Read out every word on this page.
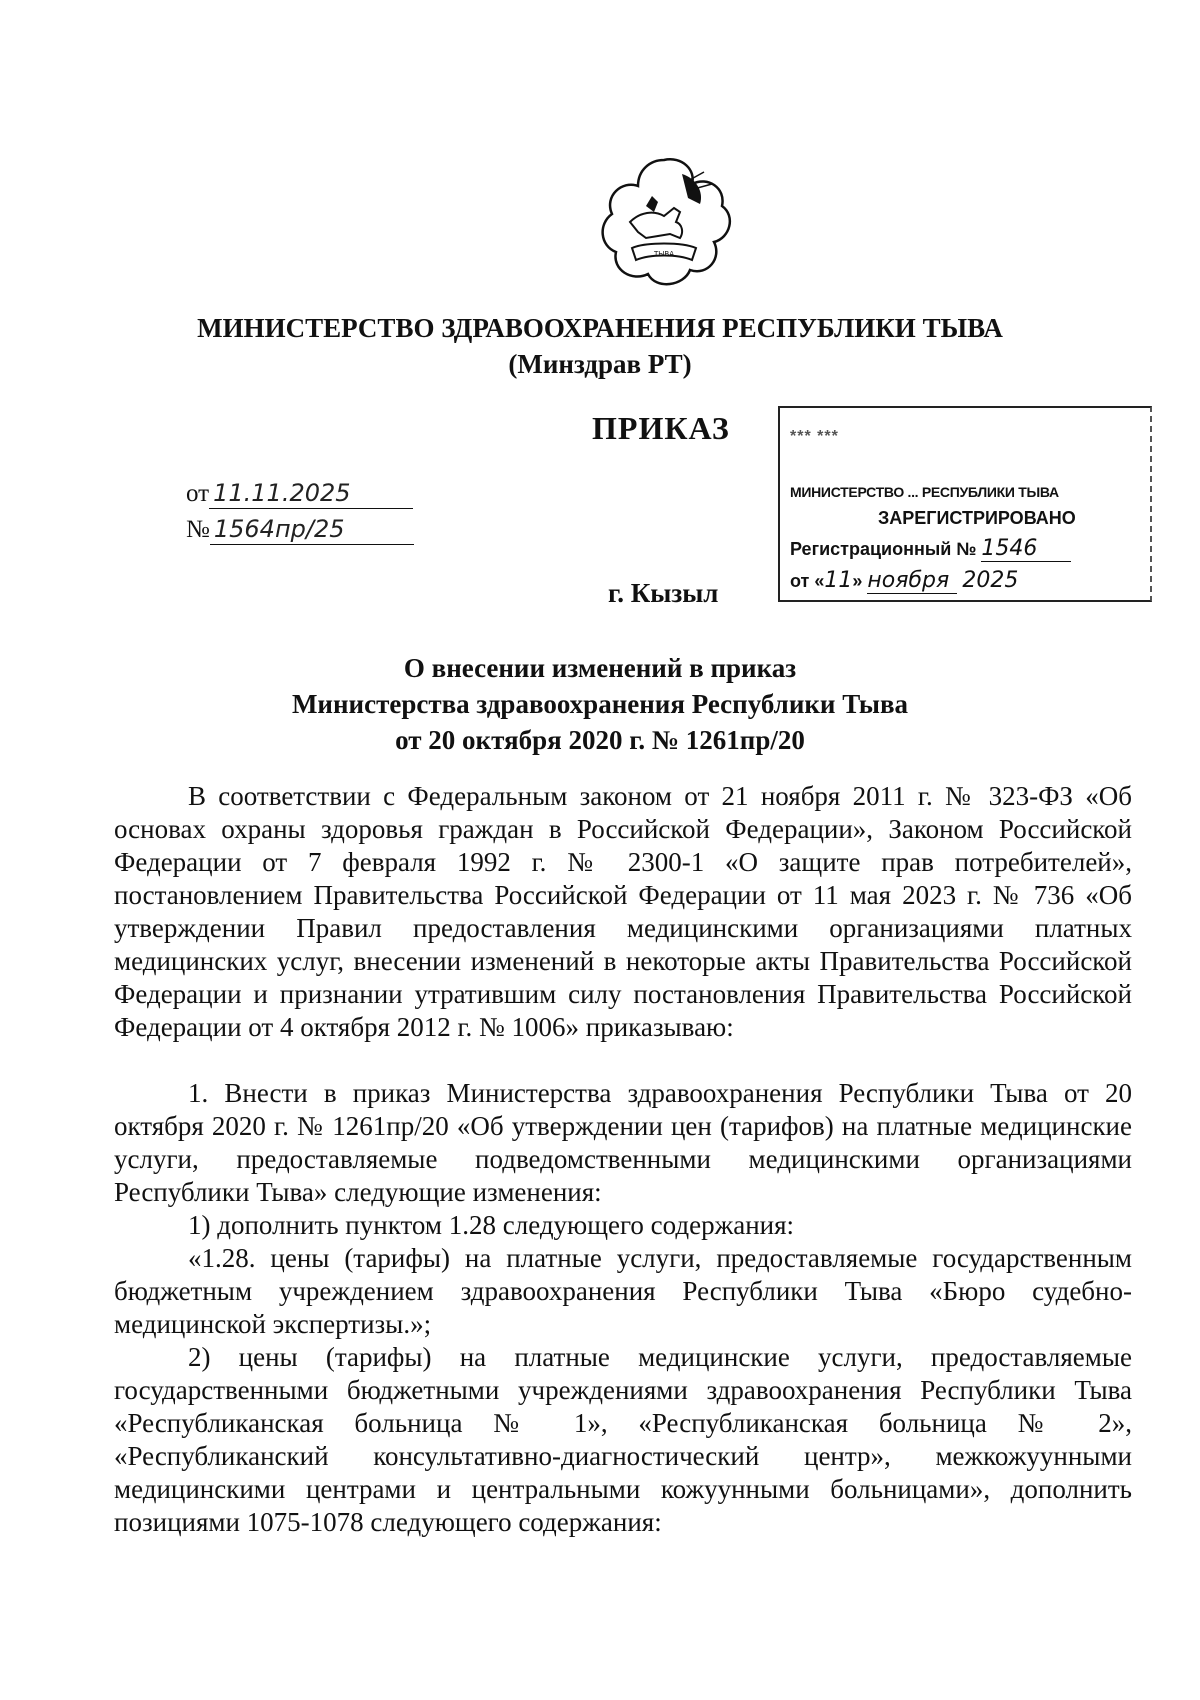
ТЫВА
МИНИСТЕРСТВО ЗДРАВООХРАНЕНИЯ РЕСПУБЛИКИ ТЫВА
(Минздрав РТ)
ПРИКАЗ
от 11.11.2025
№ 1564пр/25
г. Кызыл
*** ***
МИНИСТЕРСТВО ... РЕСПУБЛИКИ ТЫВА
ЗАРЕГИСТРИРОВАНО
Регистрационный № 1546
от «11» ноября 2025
О внесении изменений в приказ
Министерства здравоохранения Республики Тыва
от 20 октября 2020 г. № 1261пр/20

В соответствии с Федеральным законом от 21 ноября 2011 г. № 323-ФЗ «Об основах охраны здоровья граждан в Российской Федерации», Законом Российской Федерации от 7 февраля 1992 г. № 2300-1 «О защите прав потребителей», постановлением Правительства Российской Федерации от 11 мая 2023 г. № 736 «Об утверждении Правил предоставления медицинскими организациями платных медицинских услуг, внесении изменений в некоторые акты Правительства Российской Федерации и признании утратившим силу постановления Правительства Российской Федерации от 4 октября 2012 г. № 1006» приказываю:

1. Внести в приказ Министерства здравоохранения Республики Тыва от 20 октября 2020 г. № 1261пр/20 «Об утверждении цен (тарифов) на платные медицинские услуги, предоставляемые подведомственными медицинскими организациями Республики Тыва» следующие изменения:

1) дополнить пунктом 1.28 следующего содержания:

«1.28. цены (тарифы) на платные услуги, предоставляемые государственным бюджетным учреждением здравоохранения Республики Тыва «Бюро судебно-медицинской экспертизы.»;

2) цены (тарифы) на платные медицинские услуги, предоставляемые государственными бюджетными учреждениями здравоохранения Республики Тыва «Республиканская больница № 1», «Республиканская больница № 2», «Республиканский консультативно-диагностический центр», межкожуунными медицинскими центрами и центральными кожуунными больницами», дополнить позициями 1075-1078 следующего содержания:
